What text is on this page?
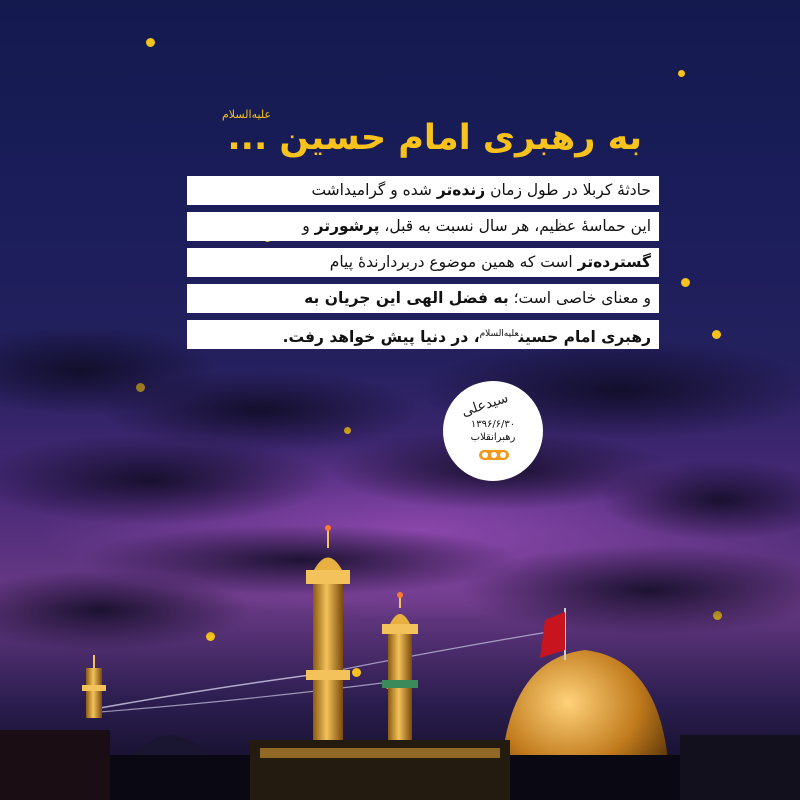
به رهبری امام حسین ...
علیه‌السلام
حادثۀ کربلا در طول زمان زنده‌تر شده و گرامیداشت
این حماسۀ عظیم، هر سال نسبت به قبل، پرشورتر و
گسترده‌تر است که همین موضوع دربردارندۀ پیام
و معنای خاصی است؛ به فضل الهی این جریان به
رهبری امام حسین$^{علیه‌السلام}$، در دنیا پیش خواهد رفت.
سیدعلی
۱۳۹۶/۶/۳۰
رهبرانقلاب
